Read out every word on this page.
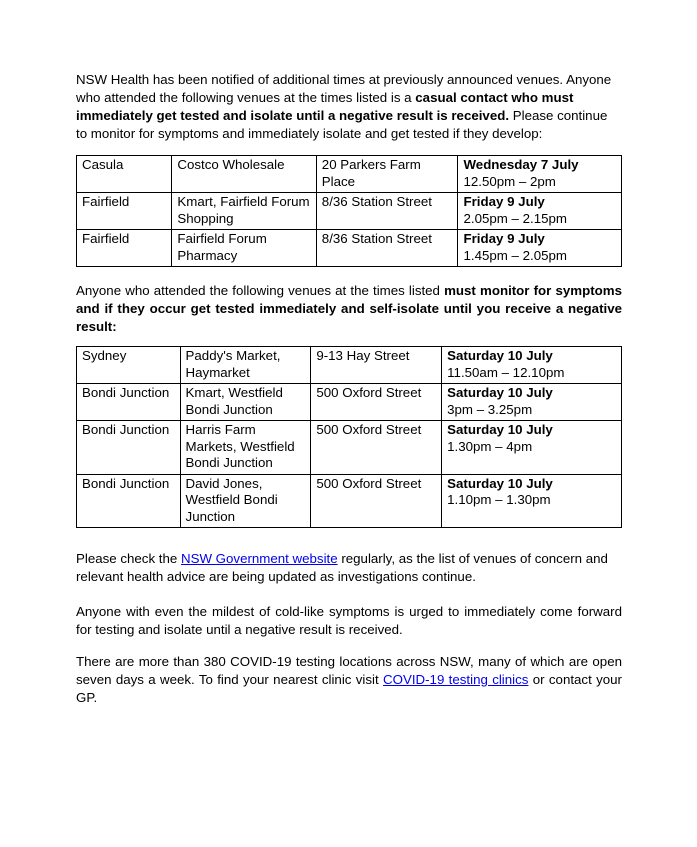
NSW Health has been notified of additional times at previously announced venues. Anyone who attended the following venues at the times listed is a casual contact who must immediately get tested and isolate until a negative result is received. Please continue to monitor for symptoms and immediately isolate and get tested if they develop:

Casula	Costco Wholesale	20 Parkers Farm Place	Wednesday 7 July
12.50pm – 2pm

Fairfield	Kmart, Fairfield Forum Shopping	8/36 Station Street	Friday 9 July
2.05pm – 2.15pm

Fairfield	Fairfield Forum Pharmacy	8/36 Station Street	Friday 9 July
1.45pm – 2.05pm

Anyone who attended the following venues at the times listed must monitor for symptoms and if they occur get tested immediately and self-isolate until you receive a negative result:

Sydney	Paddy's Market, Haymarket	9-13 Hay Street	Saturday 10 July
11.50am – 12.10pm

Bondi Junction	Kmart, Westfield Bondi Junction	500 Oxford Street	Saturday 10 July
3pm – 3.25pm

Bondi Junction	Harris Farm Markets, Westfield Bondi Junction	500 Oxford Street	Saturday 10 July
1.30pm – 4pm

Bondi Junction	David Jones, Westfield Bondi Junction	500 Oxford Street	Saturday 10 July
1.10pm – 1.30pm

Please check the NSW Government website regularly, as the list of venues of concern and relevant health advice are being updated as investigations continue.

Anyone with even the mildest of cold-like symptoms is urged to immediately come forward for testing and isolate until a negative result is received.

There are more than 380 COVID-19 testing locations across NSW, many of which are open seven days a week. To find your nearest clinic visit COVID-19 testing clinics or contact your GP.
